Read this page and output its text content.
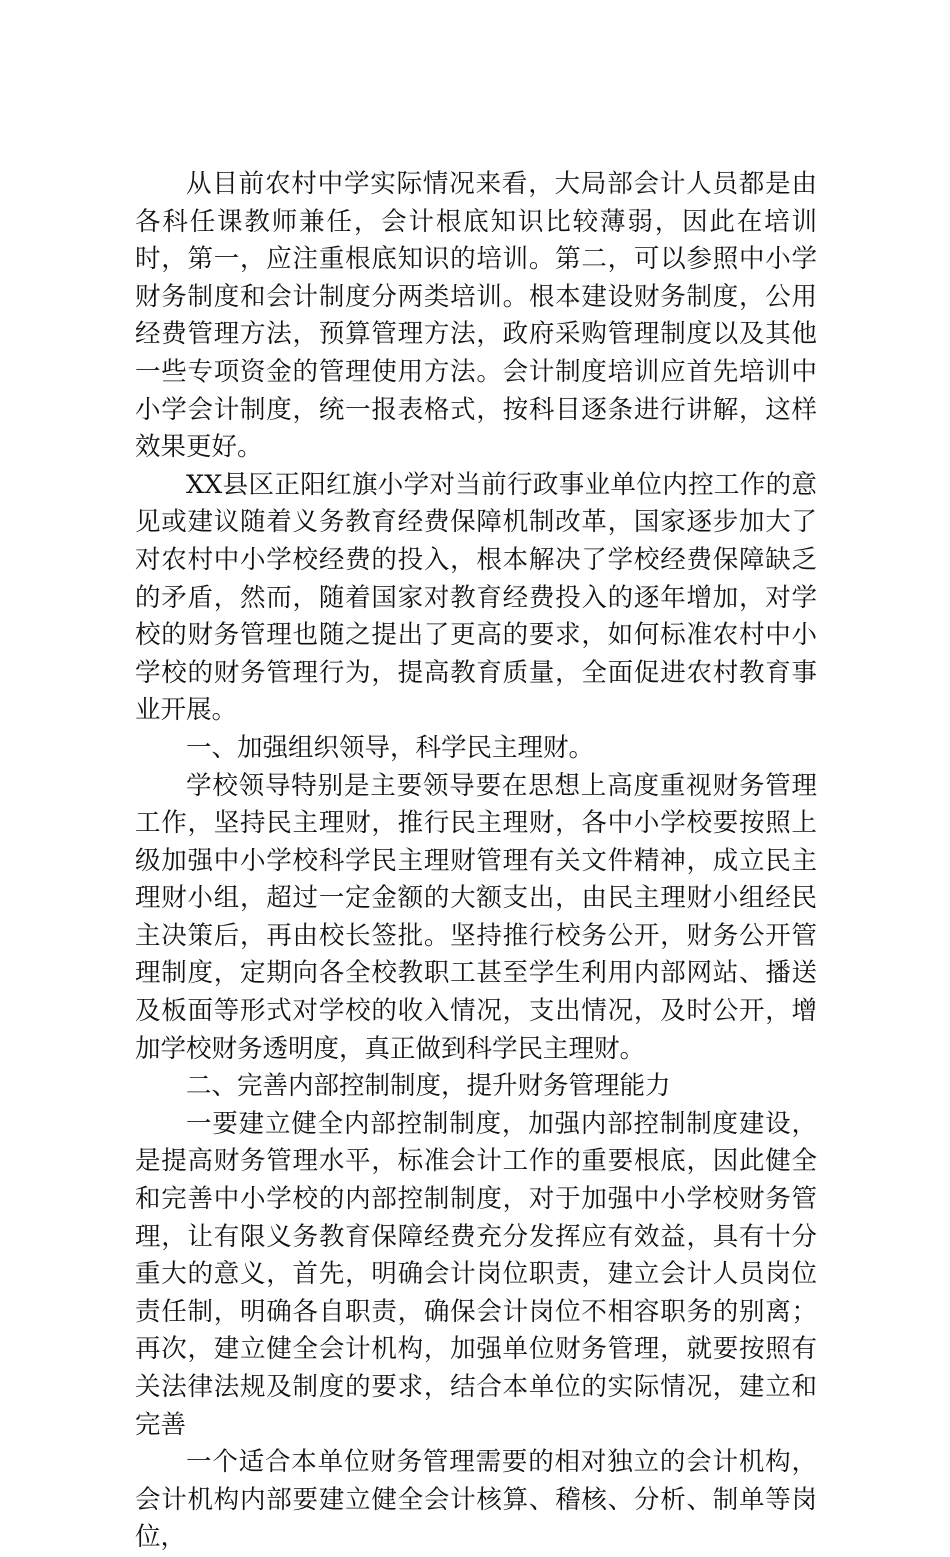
从目前农村中学实际情况来看，大局部会计人员都是由各科任课教师兼任，会计根底知识比较薄弱，因此在培训时，第一，应注重根底知识的培训。第二，可以参照中小学财务制度和会计制度分两类培训。根本建设财务制度，公用经费管理方法，预算管理方法，政府采购管理制度以及其他一些专项资金的管理使用方法。会计制度培训应首先培训中小学会计制度，统一报表格式，按科目逐条进行讲解，这样效果更好。

XX县区正阳红旗小学对当前行政事业单位内控工作的意见或建议随着义务教育经费保障机制改革，国家逐步加大了对农村中小学校经费的投入，根本解决了学校经费保障缺乏的矛盾，然而，随着国家对教育经费投入的逐年增加，对学校的财务管理也随之提出了更高的要求，如何标准农村中小学校的财务管理行为，提高教育质量，全面促进农村教育事业开展。

一、加强组织领导，科学民主理财。

学校领导特别是主要领导要在思想上高度重视财务管理工作，坚持民主理财，推行民主理财，各中小学校要按照上级加强中小学校科学民主理财管理有关文件精神，成立民主理财小组，超过一定金额的大额支出，由民主理财小组经民主决策后，再由校长签批。坚持推行校务公开，财务公开管理制度，定期向各全校教职工甚至学生利用内部网站、播送及板面等形式对学校的收入情况，支出情况，及时公开，增加学校财务透明度，真正做到科学民主理财。

二、完善内部控制制度，提升财务管理能力

一要建立健全内部控制制度，加强内部控制制度建设，是提高财务管理水平，标准会计工作的重要根底，因此健全和完善中小学校的内部控制制度，对于加强中小学校财务管理，让有限义务教育保障经费充分发挥应有效益，具有十分重大的意义，首先，明确会计岗位职责，建立会计人员岗位责任制，明确各自职责，确保会计岗位不相容职务的别离；再次，建立健全会计机构，加强单位财务管理，就要按照有关法律法规及制度的要求，结合本单位的实际情况，建立和完善

一个适合本单位财务管理需要的相对独立的会计机构，会计机构内部要建立健全会计核算、稽核、分析、制单等岗位，
